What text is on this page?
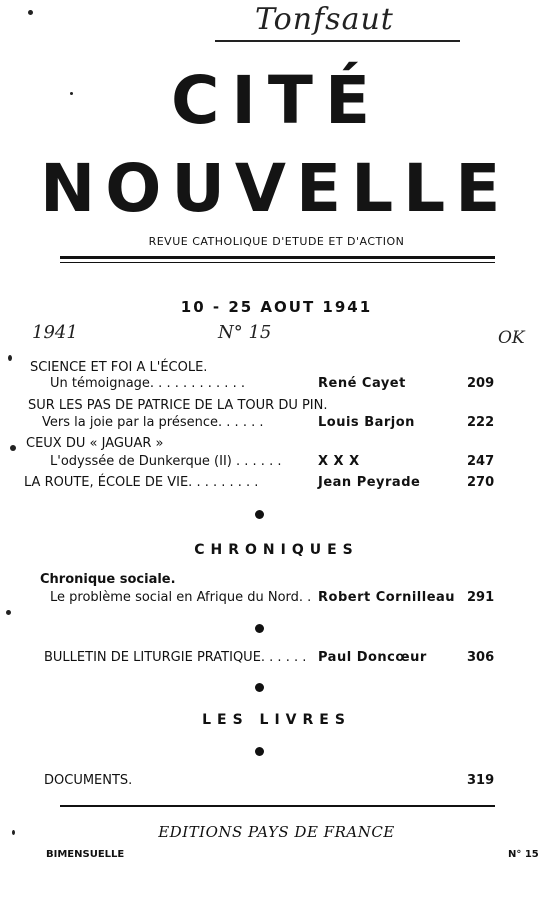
Tonfsaut
CITÉ
NOUVELLE
REVUE CATHOLIQUE D'ETUDE ET D'ACTION
10 - 25 AOUT 1941
1941	N° 15	OK
SCIENCE ET FOI A L'ÉCOLE.
Un témoignage. . . . . . . . . . . .	René Cayet	209
SUR LES PAS DE PATRICE DE LA TOUR DU PIN.
Vers la joie par la présence. . . . . .	Louis Barjon	222
CEUX DU « JAGUAR »
L'odyssée de Dunkerque (II) . . . . . .	X X X	247
LA ROUTE, ÉCOLE DE VIE. . . . . . . . .	Jean Peyrade	270
CHRONIQUES
Chronique sociale.
Le problème social en Afrique du Nord. . Robert Cornilleau 291
BULLETIN DE LITURGIE PRATIQUE. . . . . . Paul Doncœur	306
LES LIVRES
DOCUMENTS.	319
EDITIONS PAYS DE FRANCE
BIMENSUELLE	N° 15
